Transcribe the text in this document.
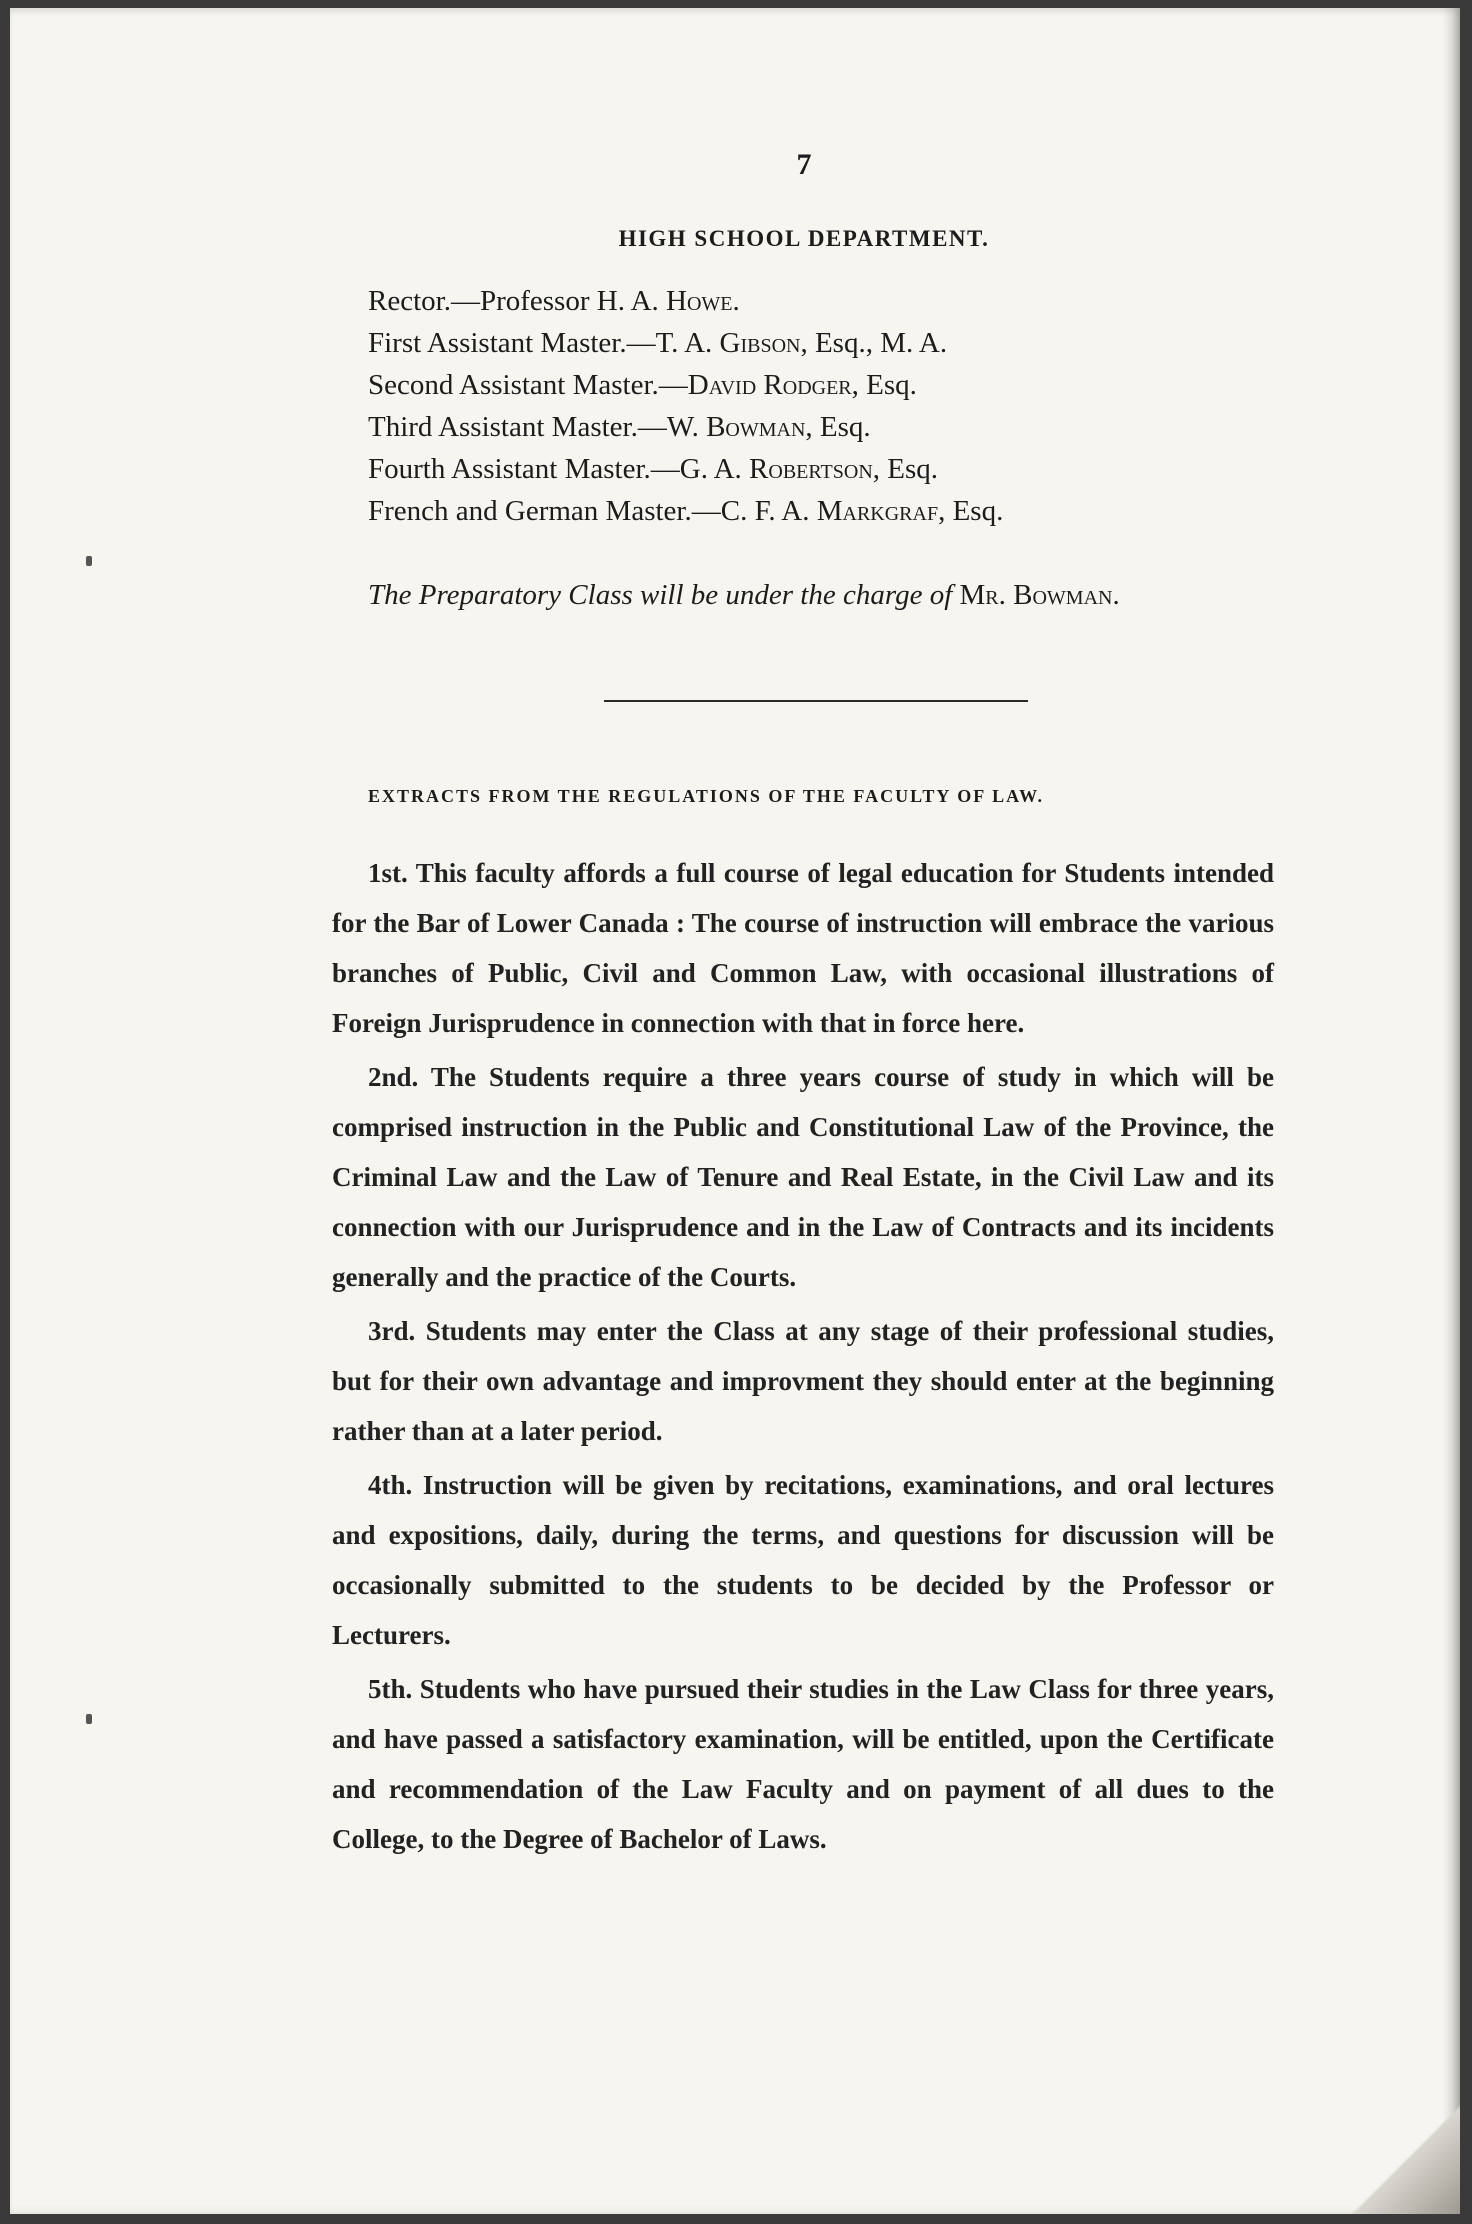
7
HIGH SCHOOL DEPARTMENT.
Rector.—Professor H. A. Howe.
First Assistant Master.—T. A. Gibson, Esq., M. A.
Second Assistant Master.—David Rodger, Esq.
Third Assistant Master.—W. Bowman, Esq.
Fourth Assistant Master.—G. A. Robertson, Esq.
French and German Master.—C. F. A. Markgraf, Esq.
The Preparatory Class will be under the charge of Mr. Bowman.
EXTRACTS FROM THE REGULATIONS OF THE FACULTY OF LAW.

1st. This faculty affords a full course of legal education for Students intended for the Bar of Lower Canada : The course of instruction will embrace the various branches of Public, Civil and Common Law, with occasional illustrations of Foreign Jurisprudence in connection with that in force here.

2nd. The Students require a three years course of study in which will be comprised instruction in the Public and Constitutional Law of the Province, the Criminal Law and the Law of Tenure and Real Estate, in the Civil Law and its connection with our Jurisprudence and in the Law of Contracts and its incidents generally and the practice of the Courts.

3rd. Students may enter the Class at any stage of their professional studies, but for their own advantage and improvment they should enter at the beginning rather than at a later period.

4th. Instruction will be given by recitations, examinations, and oral lectures and expositions, daily, during the terms, and questions for discussion will be occasionally submitted to the students to be decided by the Professor or Lecturers.

5th. Students who have pursued their studies in the Law Class for three years, and have passed a satisfactory examination, will be entitled, upon the Certificate and recommendation of the Law Faculty and on payment of all dues to the College, to the Degree of Bachelor of Laws.
